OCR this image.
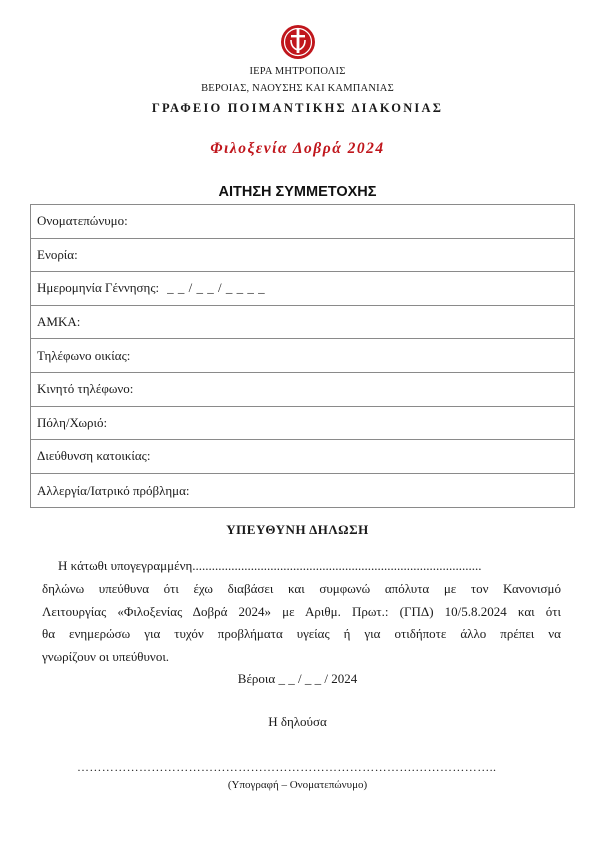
ΙΕΡΑ ΜΗΤΡΟΠΟΛΙΣ
ΒΕΡΟΙΑΣ, ΝΑΟΥΣΗΣ ΚΑΙ ΚΑΜΠΑΝΙΑΣ
ΓΡΑΦΕΙΟ ΠΟΙΜΑΝΤΙΚΗΣ ΔΙΑΚΟΝΙΑΣ
Φιλοξενία Δοβρά 2024
ΑΙΤΗΣΗ ΣΥΜΜΕΤΟΧΗΣ
Ονοματεπώνυμο:
Ενορία:
Ημερομηνία Γέννησης: _ _ / _ _ / _ _ _ _
ΑΜΚΑ:
Τηλέφωνο οικίας:
Κινητό τηλέφωνο:
Πόλη/Χωριό:
Διεύθυνση κατοικίας:
Αλλεργία/Ιατρικό πρόβλημα:
ΥΠΕΥΘΥΝΗ ΔΗΛΩΣΗ
Η κάτωθι υπογεγραμμένη.........................................................................................
δηλώνω υπεύθυνα ότι έχω διαβάσει και συμφωνώ απόλυτα με τον Κανονισμό
Λειτουργίας «Φιλοξενίας Δοβρά 2024» με Αριθμ. Πρωτ.: (ΓΠΔ) 10/5.8.2024 και ότι
θα ενημερώσω για τυχόν προβλήματα υγείας ή για οτιδήποτε άλλο πρέπει να
γνωρίζουν οι υπεύθυνοι.
Βέροια _ _ / _ _ / 2024
Η δηλούσα
……………………………………………………………………….………………..
(Υπογραφή – Ονοματεπώνυμο)
